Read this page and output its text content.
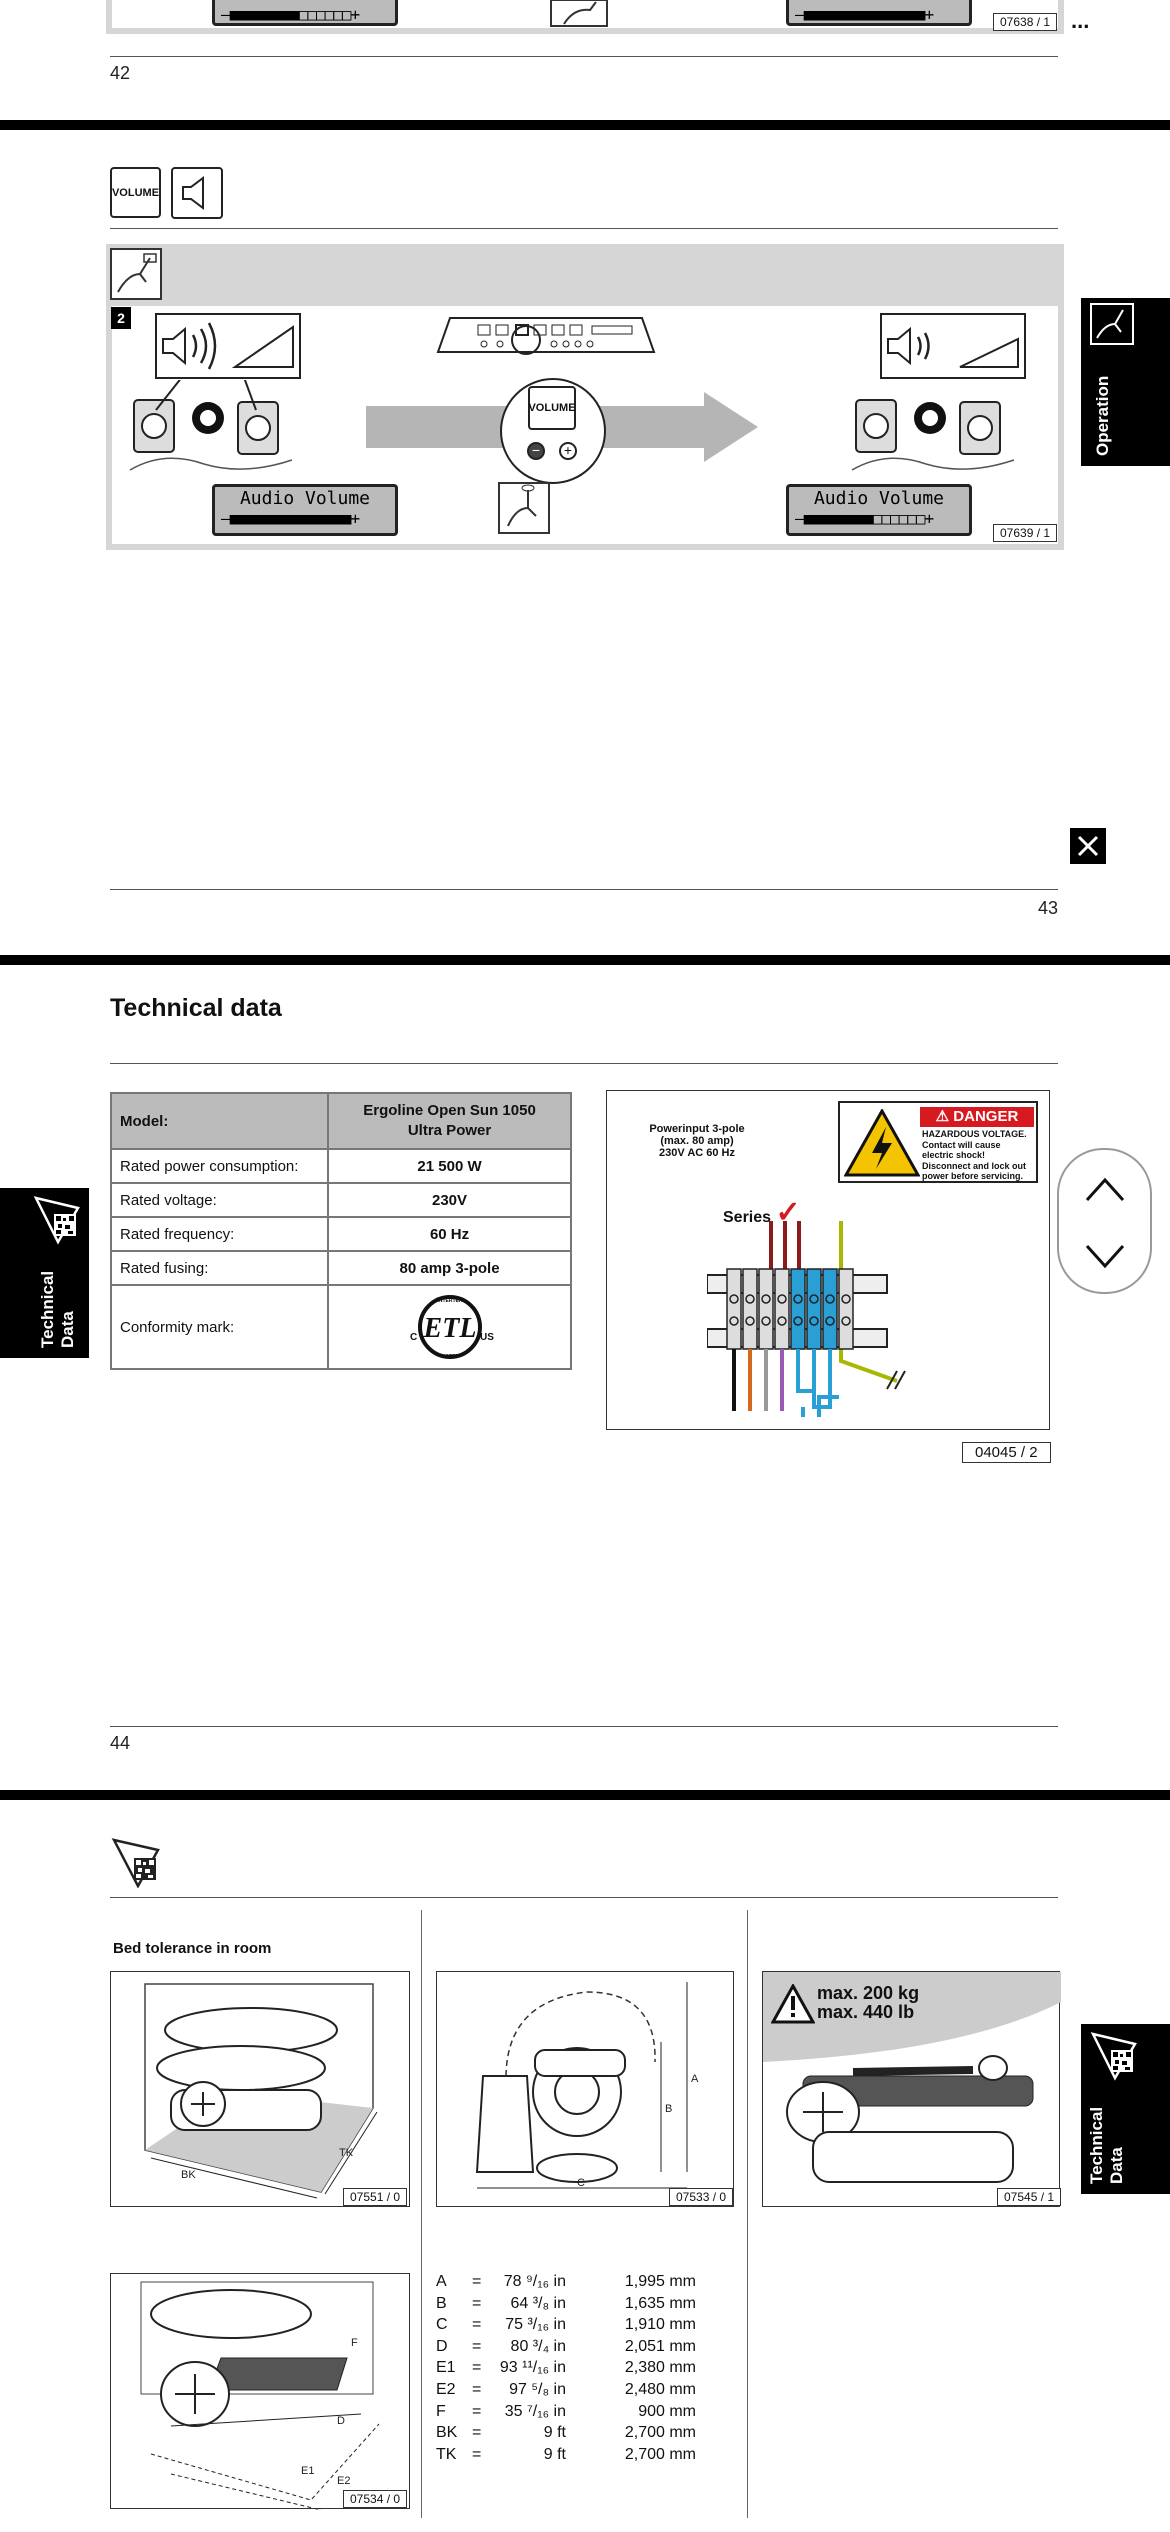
–■■■■■■■■□□□□□□+	–■■■■■■■■■■■■■■+	07638 / 1 ...
42
VOLUME
2
Audio Volume
–■■■■■■■■■■■■■■+
VOLUME
−	+
Audio Volume
–■■■■■■■■□□□□□□+
07639 / 1
Operation
43
Technical data
Model:	Ergoline Open Sun 1050
Ultra Power

Rated power consumption:	21 500 W
Rated voltage:	230V
Rated frequency:	60 Hz
Rated fusing:	80 amp 3-pole
Conformity mark:	ETL
INTERTEK
LISTED
C US
Powerinput 3-pole
(max. 80 amp)
230V AC 60 Hz
⚠ DANGER
HAZARDOUS VOLTAGE.
Contact will cause
electric shock!
Disconnect and lock out
power before servicing.
Series ✓
04045 / 2
Technical Data
44
Bed tolerance in room
BK
TK
07551 / 0
A
B
C
07533 / 0
max. 200 kg
max. 440 lb
07545 / 1
Technical Data
F
D
E1
E2
07534 / 0
A = 78 ⁹/₁₆ in	1,995 mm
B = 64 ³/₈ in	1,635 mm
C = 75 ³/₁₆ in	1,910 mm
D = 80 ³/₄ in	2,051 mm
E1 = 93 ¹¹/₁₆ in	2,380 mm
E2 = 97 ⁵/₈ in	2,480 mm
F = 35 ⁷/₁₆ in	900 mm
BK =	9 ft	2,700 mm
TK =	9 ft	2,700 mm
